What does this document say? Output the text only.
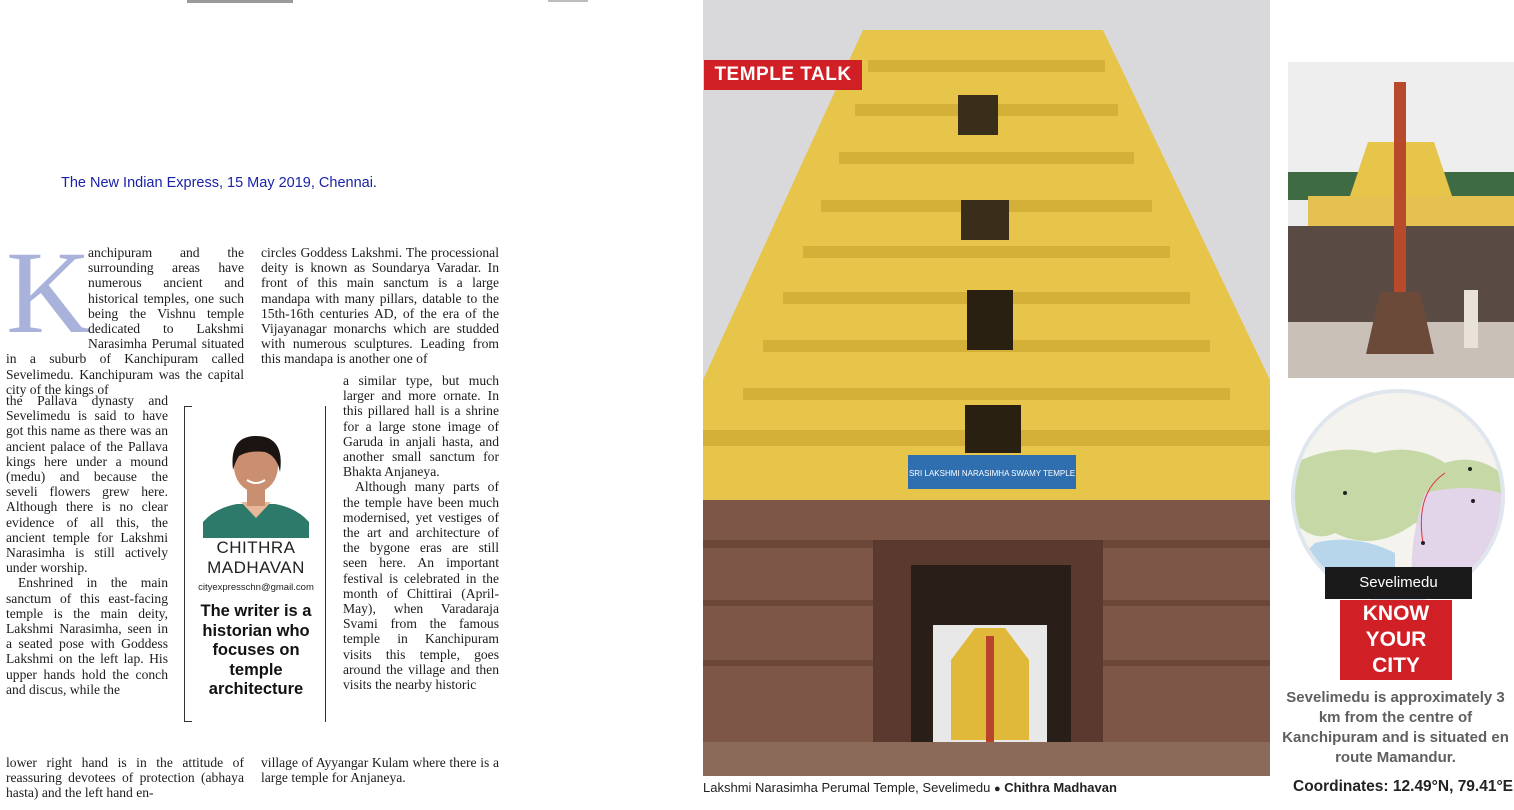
The New Indian Express, 15 May 2019, Chennai.
K

anchipuram and the surrounding areas have numerous ancient and historical temples, one such being the Vishnu temple dedicated to Lakshmi Narasimha Perumal situated in a suburb of Kanchipuram called Sevelimedu. Kanchipuram was the capital city of the kings of

the Pallava dynasty and Sevelimedu is said to have got this name as there was an ancient palace of the Pallava kings here under a mound (medu) and because the seveli flowers grew here. Although there is no clear evidence of all this, the ancient temple for Lakshmi Narasimha is still actively under worship.

Enshrined in the main sanctum of this east-facing temple is the main deity, Lakshmi Narasimha, seen in a seated pose with Goddess Lakshmi on the left lap. His upper hands hold the conch and discus, while the

lower right hand is in the attitude of reassuring devotees of protection (abhaya hasta) and the left hand en-

circles Goddess Lakshmi. The processional deity is known as Soundarya Varadar. In front of this main sanctum is a large mandapa with many pillars, datable to the 15th-16th centuries AD, of the era of the Vijayanagar monarchs which are studded with numerous sculptures. Leading from this mandapa is another one of

a similar type, but much larger and more ornate. In this pillared hall is a shrine for a large stone image of Garuda in anjali hasta, and another small sanctum for Bhakta Anjaneya.

Although many parts of the temple have been much modernised, yet vestiges of the art and architecture of the bygone eras are still seen here. An important festival is celebrated in the month of Chittirai (April-May), when Varadaraja Svami from the famous temple in Kanchipuram visits this temple, goes around the village and then visits the nearby historic

village of Ayyangar Kulam where there is a large temple for Anjaneya.

CHITHRA
MADHAVAN
cityexpresschn@gmail.com
The writer is a historian who focuses on temple architecture
SRI LAKSHMI NARASIMHA SWAMY TEMPLE
TEMPLE TALK
Lakshmi Narasimha Perumal Temple, Sevelimedu ● Chithra Madhavan
Sevelimedu
KNOW
YOUR
CITY
Sevelimedu is approximately 3 km from the centre of Kanchipuram and is situated en route Mamandur.
Coordinates: 12.49°N, 79.41°E
